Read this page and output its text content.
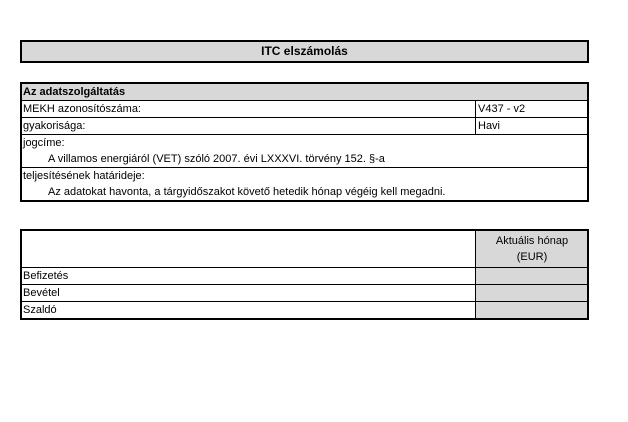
ITC elszámolás
Az adatszolgáltatás
MEKH azonosítószáma:	V437 - v2
gyakorisága:	Havi
jogcíme:
A villamos energiáról (VET) szóló 2007. évi LXXXVI. törvény 152. §-a
teljesítésének határideje:
Az adatokat havonta, a tárgyidőszakot követő hetedik hónap végéig kell megadni.
Aktuális hónap
(EUR)
Befizetés
Bevétel
Szaldó
